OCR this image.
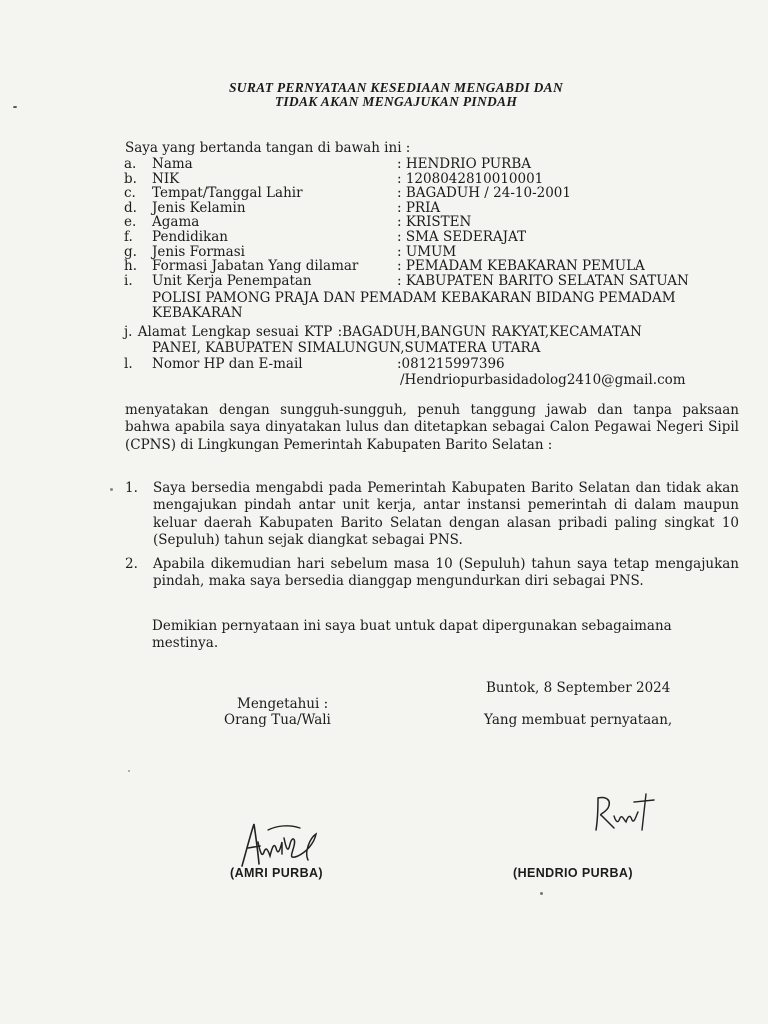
SURAT PERNYATAAN KESEDIAAN MENGABDI DAN
TIDAK AKAN MENGAJUKAN PINDAH
Saya yang bertanda tangan di bawah ini :
a. Nama	: HENDRIO PURBA
b. NIK	: 1208042810010001
c. Tempat/Tanggal Lahir	: BAGADUH / 24-10-2001
d. Jenis Kelamin	: PRIA
e. Agama	: KRISTEN
f. Pendidikan	: SMA SEDERAJAT
g. Jenis Formasi	: UMUM
h. Formasi Jabatan Yang dilamar	: PEMADAM KEBAKARAN PEMULA
i. Unit Kerja Penempatan	: KABUPATEN BARITO SELATAN SATUAN
POLISI PAMONG PRAJA DAN PEMADAM KEBAKARAN BIDANG PEMADAM
KEBAKARAN
j. Alamat Lengkap sesuai KTP :BAGADUH,BANGUN RAKYAT,KECAMATAN
PANEI, KABUPATEN SIMALUNGUN,SUMATERA UTARA
l. Nomor HP dan E-mail	:081215997396
/Hendriopurbasidadolog2410@gmail.com
menyatakan dengan sungguh-sungguh, penuh tanggung jawab dan tanpa paksaan bahwa apabila saya dinyatakan lulus dan ditetapkan sebagai Calon Pegawai Negeri Sipil (CPNS) di Lingkungan Pemerintah Kabupaten Barito Selatan :
1. Saya bersedia mengabdi pada Pemerintah Kabupaten Barito Selatan dan tidak akan mengajukan pindah antar unit kerja, antar instansi pemerintah di dalam maupun keluar daerah Kabupaten Barito Selatan dengan alasan pribadi paling singkat 10 (Sepuluh) tahun sejak diangkat sebagai PNS.
2. Apabila dikemudian hari sebelum masa 10 (Sepuluh) tahun saya tetap mengajukan pindah, maka saya bersedia dianggap mengundurkan diri sebagai PNS.
Demikian pernyataan ini saya buat untuk dapat dipergunakan sebagaimana mestinya.
Buntok, 8 September 2024
Mengetahui :
Orang Tua/Wali	Yang membuat pernyataan,
(AMRI PURBA)	(HENDRIO PURBA)
